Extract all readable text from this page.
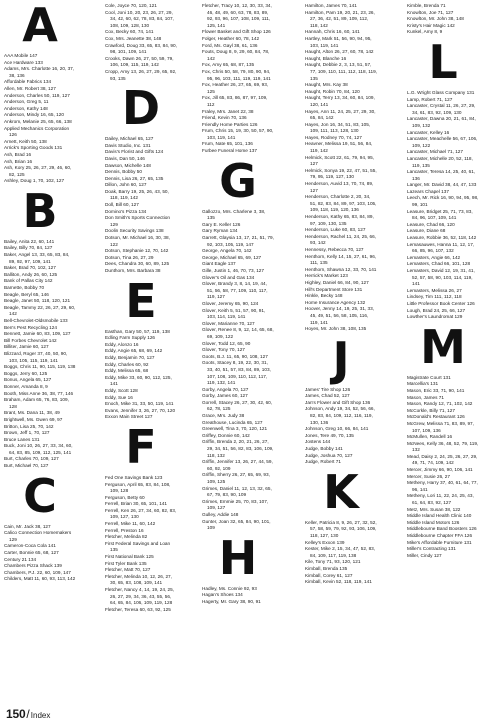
A
AAA Mobile 147
Ace Hardware 133
Adams, Mrs. Charlotte 16, 20, 37, 38, 136
Affordable Fabrics 134
Allen, Mr. Robert 38, 127
Anderson, Charles 50, 119, 127
Anderson, Greg 5, 11
Anderson, Kathy 148
Anderson, Mindy 16, 65, 120
Ankrom, Melanie 25, 65, 66, 138
Applied Mechanics Corporation 126
Arnett, Keith 50, 138
Arrick's Sporting Goods 131
Ash, Brad 16
Ash, Brian 16
Ash, Kory 25, 26, 27, 29, 46, 60, 82, 125
Ashley, Doug 1, 70, 102, 127
B
Bailey, Anita 22, 60, 141
Bailey, Billy 70, 84, 127
Baker, Angel 13, 33, 65, 83, 84, 89, 92, 97, 109, 141
Baker, Brad 70, 102, 127
Balliton, Andy 26, 60, 125
Bank of Pallas City 142
Barnette, Bobby 70
Beagle, Beryl 65, 146
Beagle, Janet 50, 118, 120, 121
Beagle, Tammy 22, 26, 27, 29, 60, 142
Bell-Chevrolet-Oldsmobile 133
Ben's Pest Recycling 124
Bennett, Jamie 60, 83, 109, 127
Bill Forbes Chevrolet 142
Billiter, Jamie 60, 127
Blizzard, Roger 37, 40, 50, 90, 103, 105, 115, 119, 141
Boggs, Chris 11, 90, 115, 119, 138
Boggs, Jerry 60, 125
Bonus, Angela 65, 127
Bonner, Amanda 8, 9
Booth, Miss Anne 36, 38, 77, 146
Braham, Adam 65, 76, 83, 109, 128
Brant, Ms. Dana 11, 38, 49
Brightwell, Ms. Gwen 69, 97
Britton, Lisa 25, 70, 142
Brown, Jeff 1, 70, 127
Bruce Lanes 131
Buck, Joni 10, 26, 27, 33, 34, 60, 64, 83, 85, 109, 112, 125, 141
Burt, Charles 70, 109, 127
Burt, Michael 70, 127
C
Cain, Mr. Jack 38, 127
Calico Connection Homemakers 129
Cameron-Coca Cola 141
Carter, Bonnie 65, 68, 127
Century 21 134
Chambers Pizza Shack 139
Chambers, P.J. 22, 60, 109, 147
Childers, Matt 11, 60, 93, 113, 142
Cole, Joyce 70, 120, 121
Cool, Joni 10, 20, 23, 26, 27, 29, 34, 42, 60, 62, 78, 83, 84, 107, 108, 109, 128, 130
Cox, Becky 60, 74, 141
Cox, Mrs. Jeanette 38, 148
Crawford, Doug 33, 65, 83, 84, 90, 98, 101, 109, 141
Crooks, Dawn 26, 27, 50, 59, 79, 106, 109, 115, 119, 142
Cropp, Amy 13, 26, 27, 29, 65, 92, 93, 135
D
Dailey, Michael 65, 127
Davis Studio, Inc. 131
Davis's Florist and Gifts 124
Davis, Dan 50, 146
Dawson, Michelle 148
Dennis, Bobby 50
Dennis, Lisa 26, 27, 65, 135
Dillon, John 60, 127
Doak, Barry 19, 25, 26, 43, 50, 118, 119, 142
Doll, Bill 60, 127
Domino's Pizza 134
Don Smith's Sports Connection 129
Doolin Security Savings 138
Dotson, Mr. Michael 16, 30, 38, 122
Dotson, Stephanie 12, 70, 142
Dotson, Tina 26, 27, 29
Dees, Chandra 30, 60, 89, 125
Dunthorn, Mrs. Barbara 38
E
Easthan, Gary 50, 57, 119, 138
Edling Farm Supply 126
Eddy, Alonzo 16
Eddy, Angie 65, 68, 69, 142
Eddy, Benjamin 70, 127
Eddy, Charles 60, 92
Eddy, Melissa 65, 68
Eddy, Mike 33, 60, 90, 112, 125, 141
Eddy, Scott 128
Eddy, Sue 16
Enoch, Mike 31, 33, 50, 119, 141
Evans, Jennifer 3, 26, 27, 70, 120
Exxon Main Street 127
F
Fed One Savings Bank 123
Ferguson, April 65, 83, 84, 108, 109, 128
Ferguson, Betty 60
Ferrell, Brian 30, 65, 101, 141
Ferrell, Ken 26, 27, 34, 60, 82, 83, 109, 127, 130
Ferrell, Mike 11, 60, 142
Ferrell, Preston 16
Fletcher, Melinda 82
First Federal Savings and Loan 135
First National Bank 125
First Tyler Bank 135
Fletcher, Matt 70, 127
Fletcher, Melinda 10, 12, 26, 27, 30, 65, 83, 108, 109, 141
Fletcher, Nancy 4, 14, 19, 24, 25, 26, 27, 29, 34, 36, 43, 55, 56, 64, 65, 84, 106, 109, 119, 128
Fletcher, Teresa 60, 63, 92, 125
Fletcher, Tracy 10, 12, 30, 33, 34, 46, 48, 49, 60, 63, 78, 83, 89, 92, 93, 96, 107, 108, 109, 111, 125, 141
Flower Basket and Gift Shop 126
Folger, Heather 60, 78, 142
Ford, Ms. Gayl 38, 61, 136
Fouts, Doug 8, 9, 29, 60, 84, 78, 142
Fox, Amy 65, 68, 87, 135
Fox, Chris 50, 58, 79, 80, 90, 94, 95, 96, 103, 111, 119, 119, 141
Fox, Heather 26, 27, 65, 69, 93, 125
Fox, Jill 65, 83, 86, 87, 97, 109, 112
Fraley, Mrs. Janet 22, 38
Friend, Kevin 70, 136
Friendly Home Parties 126
Frum, Chris 15, 19, 30, 50, 57, 90, 103, 119, 141
Frum, Nate 65, 101, 136
Furbee Funeral Home 137
G
Gallozzo, Mrs. Charlene 3, 38, 135
Gary E. Keller 126
Gary Ryman 134
Garrett, Glaysia 13, 17, 21, 51, 79, 92, 103, 105, 119, 147
George, Angela 70, 142
George, Michael 65, 69, 127
Giant Eagle 137
Gille, Justin 1, 46, 70, 73, 127
Glover's Oil and Gas 134
Glover, Brandy 3, 8, 14, 19, 44, 51, 56, 58, 77, 109, 110, 117, 119, 127
Glover, Jeremy 65, 90, 124
Glover, Keith 5, 51, 57, 90, 91, 103, 114, 119, 141
Glover, Marianne 70, 127
Glover, Renee 8, 9, 12, 14, 65, 68, 69, 109, 122
Glover, Todd 12, 65, 90
Glover, Tony 70, 127
Goots, B.J. 11, 65, 90, 108, 127
Goots, Stacey 8, 19, 22, 30, 31, 33, 40, 51, 57, 83, 84, 89, 103, 107, 108, 109, 110, 112, 117, 119, 132, 141
Gorby, Angela 70, 127
Gorby, James 60, 127
Gorrell, Stacey 26, 27, 30, 42, 60, 62, 78, 125
Grace, Mrs. Judy 38
Greathouse, Lucinda 65, 127
Greenwell, Tina 3, 70, 120, 121
Griffey, Donnie 60, 142
Griffin, Brenda 2, 20, 21, 26, 27, 29, 34, 51, 56, 82, 83, 106, 109, 118, 132
Griffin, Jennifer 13, 26, 27, 44, 59, 60, 92, 109
Griffin, Sherry 26, 27, 65, 69, 93, 109, 125
Grimes, Daniel 11, 12, 13, 32, 65, 67, 79, 83, 90, 109
Grimes, Emmie 25, 70, 83, 107, 109, 127
Gulley, Addie 148
Gunter, Joan 32, 65, 84, 90, 101, 109
H
Hadley, Ms. Connie 92, 93
Hagan's Shoes 134
Hagerty, Mr. Gary 38, 90, 91
Hamilton, James 70, 141
Hamilton, Pam 19, 20, 21, 23, 26, 27, 36, 42, 51, 89, 109, 112, 118, 142
Hannah, Chris 16, 60, 141
Hartley, Mark 51, 56, 90, 94, 95, 103, 119, 141
Haught, Alton 26, 27, 60, 78, 142
Haught, Blanche 16
Haught, Debbie 2, 3, 13, 51, 57, 77, 109, 110, 111, 112, 118, 119, 135
Haught, Mrs. Kay 38
Haught, Robin 70, 84, 120
Haught, Terry 13, 34, 60, 84, 109, 120, 141
Hayes, Ann 11, 24, 25, 27, 29, 30, 65, 84, 142
Hayes, Jon 16, 34, 51, 83, 105, 109, 111, 113, 128, 130
Hayes, Rodney 70, 74, 127
Heavner, Melissa 19, 51, 56, 84, 119, 142
Helmick, Scott 22, 61, 79, 94, 95, 127
Helmick, Sonya 19, 22, 47, 51, 55, 79, 95, 119, 127, 130
Henderson, Auvid 13, 70, 74, 89, 127
Henderson, Charlotte 2, 20, 34, 51, 82, 83, 84, 89, 97, 103, 105, 109, 118, 119, 120, 136
Henderson, Kathy 65, 83, 84, 89, 97, 109, 130, 135
Henderson, Luke 60, 83, 127
Henderson, Rachel 11, 24, 25, 66, 93, 142
Hennessy, Rebecca 70, 127
Henthorn, Kelly 14, 15, 27, 61, 96, 111, 135
Henthorn, Shawna 12, 33, 70, 141
Herrick's Market 123
Highley, Daniel 66, 84, 90, 127
Hill's Department Store 131
Hinkle, Becky 148
Home Insurance Agency 132
Hoover, Jenny 14, 19, 25, 31, 33, 45, 49, 51, 56, 58, 105, 116, 119, 141
Hoyes, Mr. John 38, 108, 135
J
James' Tire Shop 126
James, Chad 52, 127
Jan's Flower and Gift Shop 136
Johnson, Andy 19, 34, 52, 56, 66, 82, 83, 84, 109, 112, 116, 119, 130, 136
Johnson, Greg 10, 66, 84, 141
Jones, Tere 49, 70, 135
Jostens 144
Judge, Bobby 141
Judge, Joshua 70, 127
Judge, Robert 71
K
Keller, Patricia 8, 9, 26, 27, 32, 52, 57, 58, 59, 79, 92, 93, 106, 109, 118, 127, 130
Kelley's Exxon 139
Kester, Mike 2, 15, 34, 47, 52, 83, 84, 109, 117, 119, 138
Kile, Tony 71, 93, 120, 121
Kimball, Brenda 135
Kimball, Corey 61, 127
Kimball, Kevin 52, 118, 119, 141
Kimble, Brenda 71
Knowlton, Joe 71, 127
Knowlton, Mr. John 38, 148
Kristy's Hair Magic 142
Kunkel, Amy 8, 9
L
L.G. Wright Glass Company 131
Lamp, Robert 71, 127
Lancaster, Crystal 11, 26, 27, 29, 34, 61, 83, 92, 109, 130
Lancaster, Dawna 20, 21, 61, 84, 109, 132
Lancaster, Kelley 16
Lancaster, Meachelle 56, 67, 106, 109, 122
Lancaster, Michael 71, 127
Lancaster, Michelle 20, 52, 118, 119, 135
Lancaster, Teresa 14, 25, 40, 61, 136
Langer, Mr. David 38, 44, 47, 133
Lazears Chapel 137
Leech, Mr. Rick 16, 90, 94, 95, 98, 99, 101
Leasure, Bridget 25, 71, 73, 83, 84, 96, 107, 109, 141
Leasure, Chad 66, 120
Leasure, Diane 68
Leasure, Robbie 36, 52, 118, 142
Lemasauwes, Hanna 11, 12, 17, 66, 85, 96, 107, 132
Lemasters, Angie 66, 142
Lemasters, Chad 66, 101, 128
Lemasters, David 12, 19, 31, 41, 52, 57, 58, 90, 103, 114, 119, 141
Lemasters, Melissa 26, 27
Lindsey, Tim 111, 112, 118
Little Professor Book Center 126
Lough, Brad 24, 25, 66, 127
Lowther's Laundromat 129
M
Magistrate Court 131
Marcellia's 131
Mason, Eric 33, 71, 90, 141
Mason, James 71
Mason, Randy 12, 71, 102, 142
McCorkle, Billy 71, 127
McDonald's Restaurant 126
McGrew, Melissa 71, 83, 89, 97, 107, 109, 136
McMullen, Randell 16
McNees, Kelly 36, 48, 52, 79, 119, 132
Mead, Daisy 2, 24, 25, 26, 27, 29, 49, 71, 74, 109, 142
Mercer, Jimmy 66, 90, 106, 141
Mercer, Susie 26, 27
Metheny, Harry 37, 40, 61, 64, 77, 96, 141
Metheny, Lori 11, 22, 24, 25, 43, 61, 64, 83, 92, 127
Metz, Mrs. Susan 38, 122
Middle Island Health Clinic 140
Middle Island Motors 126
Middlebourne Band Boosters 126
Middlebourne Chapter FFA 126
Mike's Affordable Furniture 131
Miller's Contracting 131
Miller, Cindy 127
150 / Index
